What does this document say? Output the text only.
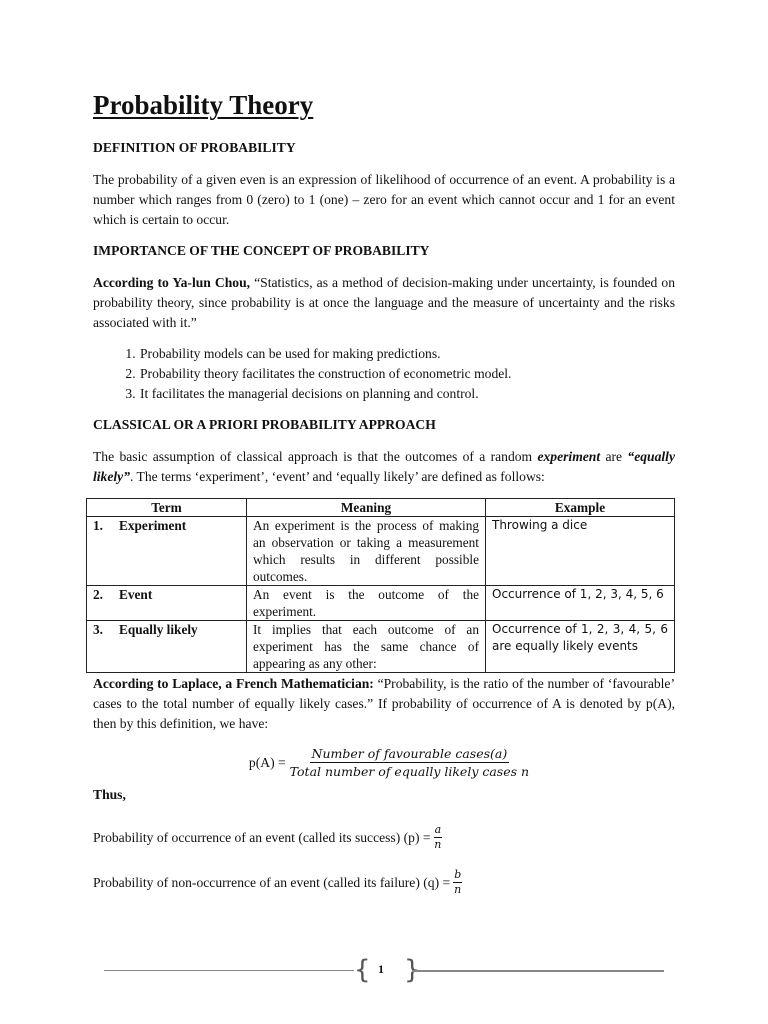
Probability Theory
DEFINITION OF PROBABILITY

The probability of a given even is an expression of likelihood of occurrence of an event. A probability is a number which ranges from 0 (zero) to 1 (one) – zero for an event which cannot occur and 1 for an event which is certain to occur.

IMPORTANCE OF THE CONCEPT OF PROBABILITY

According to Ya-lun Chou, “Statistics, as a method of decision-making under uncertainty, is founded on probability theory, since probability is at once the language and the measure of uncertainty and the risks associated with it.”

1. Probability models can be used for making predictions.
2. Probability theory facilitates the construction of econometric model.
3. It facilitates the managerial decisions on planning and control.
CLASSICAL OR A PRIORI PROBABILITY APPROACH

The basic assumption of classical approach is that the outcomes of a random experiment are “equally likely”. The terms ‘experiment’, ‘event’ and ‘equally likely’ are defined as follows:

Term	Meaning	Example
1. Experiment	An experiment is the process of making an observation or taking a measurement which results in different possible outcomes.	Throwing a dice
2. Event	An event is the outcome of the experiment.	Occurrence of 1, 2, 3, 4, 5, 6
3. Equally likely	It implies that each outcome of an experiment has the same chance of appearing as any other:	Occurrence of 1, 2, 3, 4, 5, 6 are equally likely events

According to Laplace, a French Mathematician: “Probability, is the ratio of the number of ‘favourable’ cases to the total number of equally likely cases.” If probability of occurrence of A is denoted by p(A), then by this definition, we have:

$p(A) = \frac{\text{Number of favourable cases(a)}}{\text{Total number of equally likely cases n}}$
Thus,
Probability of occurrence of an event (called its success) $(p) = \frac{a}{n}$
Probability of non-occurrence of an event (called its failure) $(q) = \frac{b}{n}$
{ 1 }
